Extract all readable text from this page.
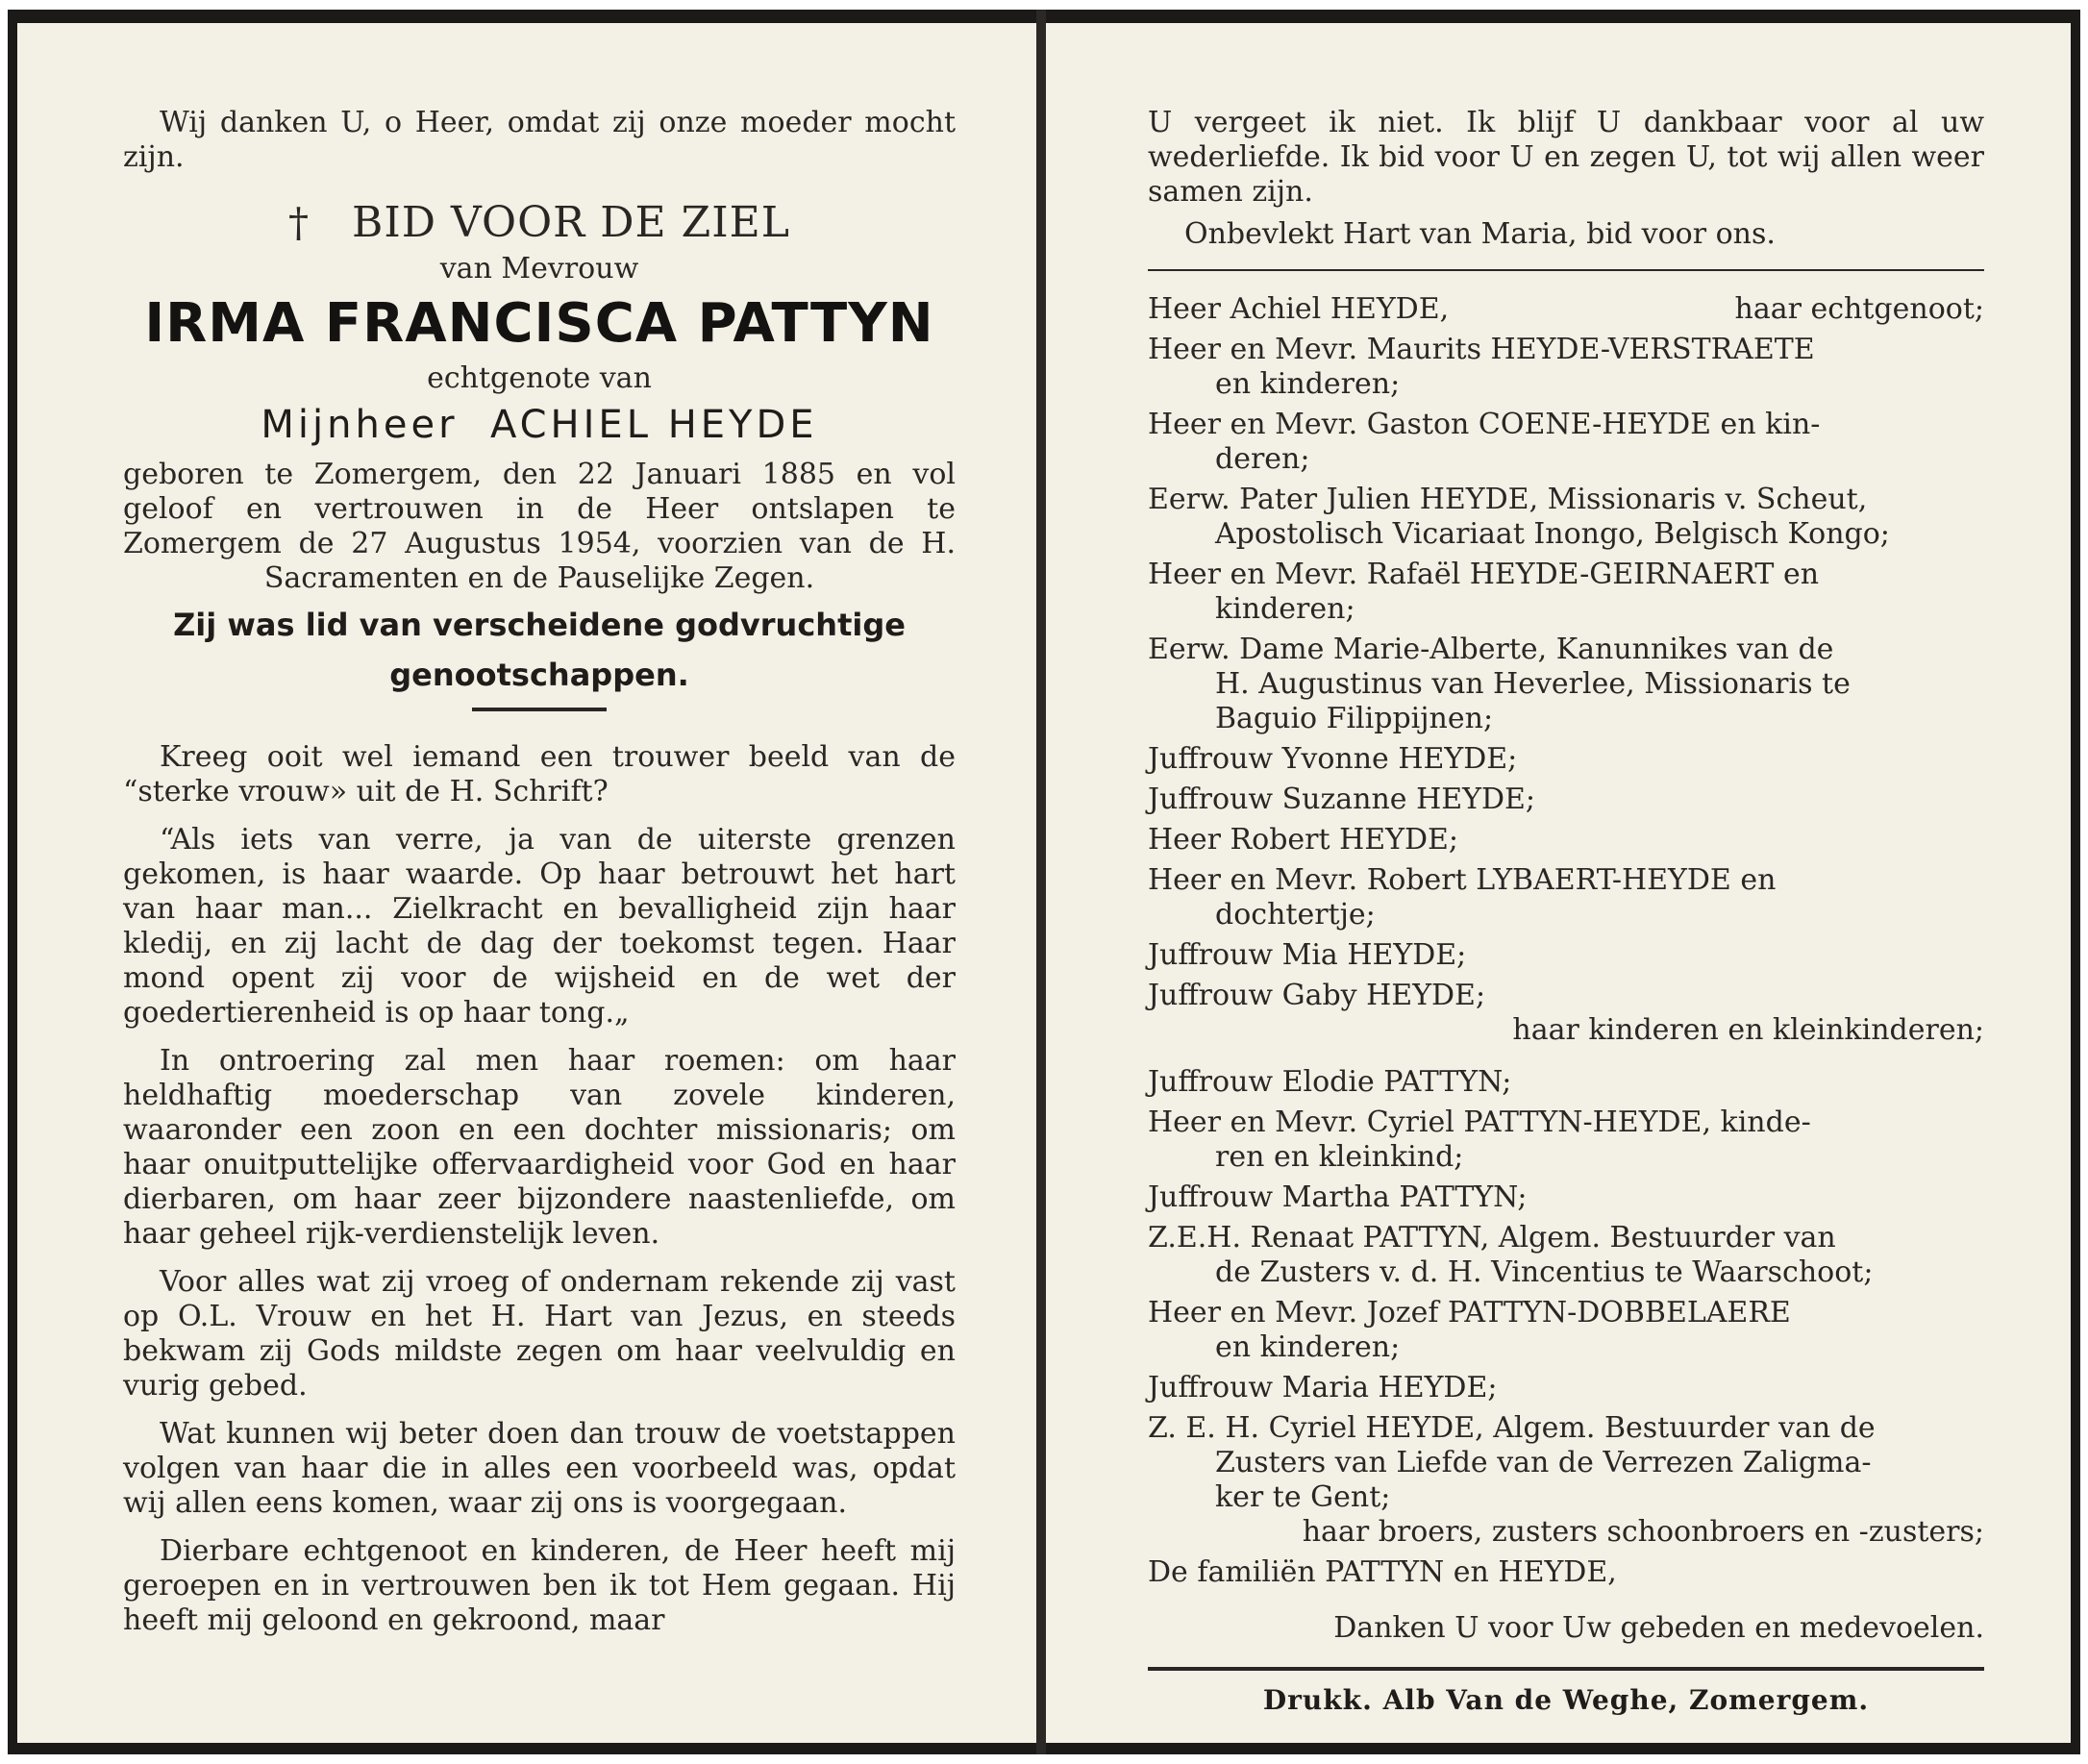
Wij danken U, o Heer, omdat zij onze moeder mocht zijn.

† BID VOOR DE ZIEL

van Mevrouw

IRMA FRANCISCA PATTYN

echtgenote van

Mijnheer ACHIEL HEYDE

geboren te Zomergem, den 22 Januari 1885 en vol geloof en vertrouwen in de Heer ontslapen te Zomergem de 27 Augustus 1954, voorzien van de H. Sacramenten en de Pauselijke Zegen.

Zij was lid van verscheidene godvruchtige

genootschappen.

Kreeg ooit wel iemand een trouwer beeld van de “sterke vrouw» uit de H. Schrift?

“Als iets van verre, ja van de uiterste grenzen gekomen, is haar waarde. Op haar betrouwt het hart van haar man... Zielkracht en bevalligheid zijn haar kledij, en zij lacht de dag der toekomst tegen. Haar mond opent zij voor de wijsheid en de wet der goedertierenheid is op haar tong.„

In ontroering zal men haar roemen: om haar heldhaftig moederschap van zovele kinderen, waaronder een zoon en een dochter missionaris; om haar onuitputtelijke offervaardigheid voor God en haar dierbaren, om haar zeer bijzondere naastenliefde, om haar geheel rijk-verdienstelijk leven.

Voor alles wat zij vroeg of ondernam rekende zij vast op O.L. Vrouw en het H. Hart van Jezus, en steeds bekwam zij Gods mildste zegen om haar veelvuldig en vurig gebed.

Wat kunnen wij beter doen dan trouw de voetstappen volgen van haar die in alles een voorbeeld was, opdat wij allen eens komen, waar zij ons is voorgegaan.

Dierbare echtgenoot en kinderen, de Heer heeft mij geroepen en in vertrouwen ben ik tot Hem gegaan. Hij heeft mij geloond en gekroond, maar

U vergeet ik niet. Ik blijf U dankbaar voor al uw wederliefde. Ik bid voor U en zegen U, tot wij allen weer samen zijn.

Onbevlekt Hart van Maria, bid voor ons.

Heer Achiel HEYDE,	haar echtgenoot;
Heer en Mevr. Maurits HEYDE-VERSTRAETE
en kinderen;
Heer en Mevr. Gaston COENE-HEYDE en kin-
deren;
Eerw. Pater Julien HEYDE, Missionaris v. Scheut,
Apostolisch Vicariaat Inongo, Belgisch Kongo;
Heer en Mevr. Rafaël HEYDE-GEIRNAERT en
kinderen;
Eerw. Dame Marie-Alberte, Kanunnikes van de
H. Augustinus van Heverlee, Missionaris te
Baguio Filippijnen;
Juffrouw Yvonne HEYDE;
Juffrouw Suzanne HEYDE;
Heer Robert HEYDE;
Heer en Mevr. Robert LYBAERT-HEYDE en
dochtertje;
Juffrouw Mia HEYDE;
Juffrouw Gaby HEYDE;
haar kinderen en kleinkinderen;
Juffrouw Elodie PATTYN;
Heer en Mevr. Cyriel PATTYN-HEYDE, kinde-
ren en kleinkind;
Juffrouw Martha PATTYN;
Z.E.H. Renaat PATTYN, Algem. Bestuurder van
de Zusters v. d. H. Vincentius te Waarschoot;
Heer en Mevr. Jozef PATTYN-DOBBELAERE
en kinderen;
Juffrouw Maria HEYDE;
Z. E. H. Cyriel HEYDE, Algem. Bestuurder van de
Zusters van Liefde van de Verrezen Zaligma-
ker te Gent;
haar broers, zusters schoonbroers en -zusters;
De familiën PATTYN en HEYDE,

Danken U voor Uw gebeden en medevoelen.

Drukk. Alb Van de Weghe, Zomergem.
